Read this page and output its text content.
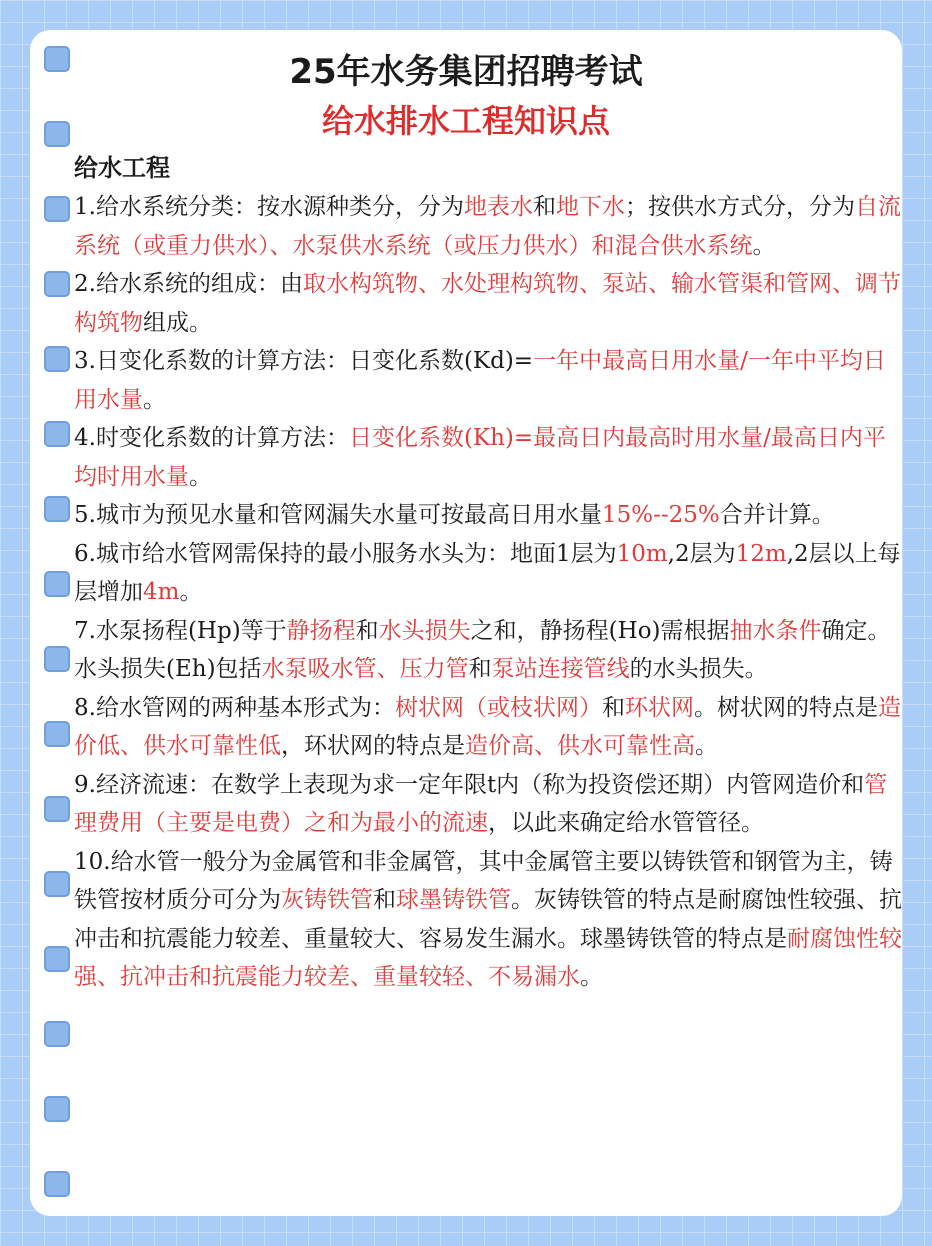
25年水务集团招聘考试
给水排水工程知识点
给水工程

1.给水系统分类：按水源种类分，分为地表水和地下水；按供水方式分，分为自流系统（或重力供水）、水泵供水系统（或压力供水）和混合供水系统。

2.给水系统的组成：由取水构筑物、水处理构筑物、泵站、输水管渠和管网、调节构筑物组成。

3.日变化系数的计算方法：日变化系数(Kd)=一年中最高日用水量/一年中平均日用水量。

4.时变化系数的计算方法：日变化系数(Kh)=最高日内最高时用水量/最高日内平均时用水量。

5.城市为预见水量和管网漏失水量可按最高日用水量15%--25%合并计算。

6.城市给水管网需保持的最小服务水头为：地面1层为10m,2层为12m,2层以上每层增加4m。

7.水泵扬程(Hp)等于静扬程和水头损失之和，静扬程(Ho)需根据抽水条件确定。水头损失(Eh)包括水泵吸水管、压力管和泵站连接管线的水头损失。

8.给水管网的两种基本形式为：树状网（或枝状网）和环状网。树状网的特点是造价低、供水可靠性低，环状网的特点是造价高、供水可靠性高。

9.经济流速：在数学上表现为求一定年限t内（称为投资偿还期）内管网造价和管理费用（主要是电费）之和为最小的流速，以此来确定给水管管径。

10.给水管一般分为金属管和非金属管，其中金属管主要以铸铁管和钢管为主，铸铁管按材质分可分为灰铸铁管和球墨铸铁管。灰铸铁管的特点是耐腐蚀性较强、抗冲击和抗震能力较差、重量较大、容易发生漏水。球墨铸铁管的特点是耐腐蚀性较强、抗冲击和抗震能力较差、重量较轻、不易漏水。
